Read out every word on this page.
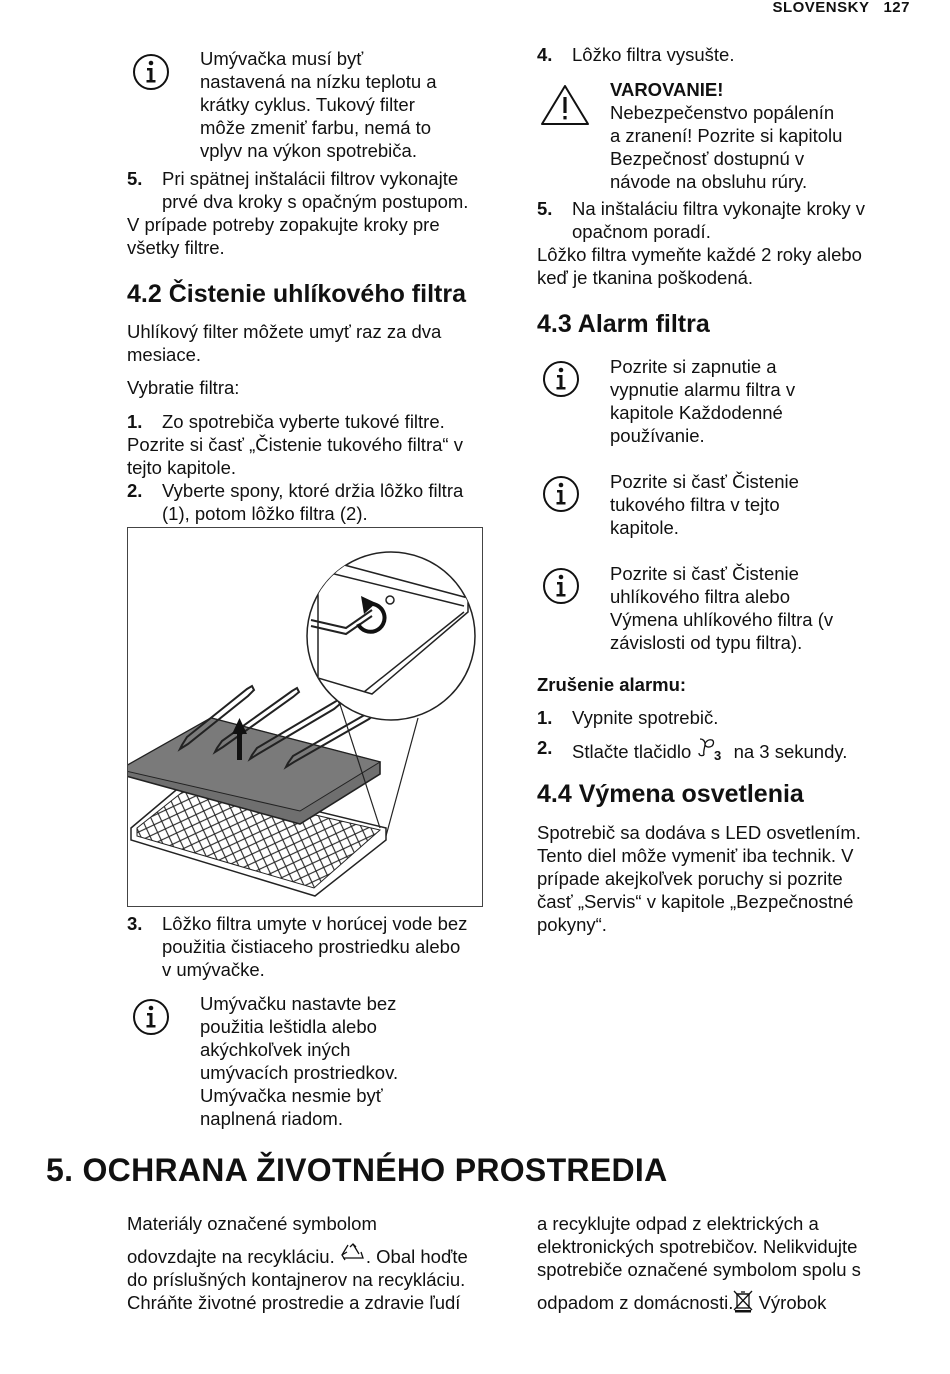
SLOVENSKY 127
Umývačka musí byť
nastavená na nízku teplotu a
krátky cyklus. Tukový filter
môže zmeniť farbu, nemá to
vplyv na výkon spotrebiča.
5. Pri spätnej inštalácii filtrov vykonajte
prvé dva kroky s opačným postupom.
V prípade potreby zopakujte kroky pre
všetky filtre.
4.2 Čistenie uhlíkového filtra
Uhlíkový filter môžete umyť raz za dva
mesiace.
Vybratie filtra:
1. Zo spotrebiča vyberte tukové filtre.
Pozrite si časť „Čistenie tukového filtra“ v
tejto kapitole.
2. Vyberte spony, ktoré držia lôžko filtra
(1), potom lôžko filtra (2).
3. Lôžko filtra umyte v horúcej vode bez
použitia čistiaceho prostriedku alebo
v umývačke.
Umývačku nastavte bez
použitia leštidla alebo
akýchkoľvek iných
umývacích prostriedkov.
Umývačka nesmie byť
naplnená riadom.
4. Lôžko filtra vysušte.
VAROVANIE!
Nebezpečenstvo popálenín
a zranení! Pozrite si kapitolu
Bezpečnosť dostupnú v
návode na obsluhu rúry.
5. Na inštaláciu filtra vykonajte kroky v
opačnom poradí.
Lôžko filtra vymeňte každé 2 roky alebo
keď je tkanina poškodená.
4.3 Alarm filtra
Pozrite si zapnutie a
vypnutie alarmu filtra v
kapitole Každodenné
používanie.
Pozrite si časť Čistenie
tukového filtra v tejto
kapitole.
Pozrite si časť Čistenie
uhlíkového filtra alebo
Výmena uhlíkového filtra (v
závislosti od typu filtra).
Zrušenie alarmu:
1. Vypnite spotrebič.
2. Stlačte tlačidlo 3 na 3 sekundy.
4.4 Výmena osvetlenia
Spotrebič sa dodáva s LED osvetlením.
Tento diel môže vymeniť iba technik. V
prípade akejkoľvek poruchy si pozrite
časť „Servis“ v kapitole „Bezpečnostné
pokyny“.
5. OCHRANA ŽIVOTNÉHO PROSTREDIA
Materiály označené symbolom
odovzdajte na recykláciu. . Obal hoďte
do príslušných kontajnerov na recykláciu.
Chráňte životné prostredie a zdravie ľudí
a recyklujte odpad z elektrických a
elektronických spotrebičov. Nelikvidujte
spotrebiče označené symbolom spolu s
odpadom z domácnosti. Výrobok
